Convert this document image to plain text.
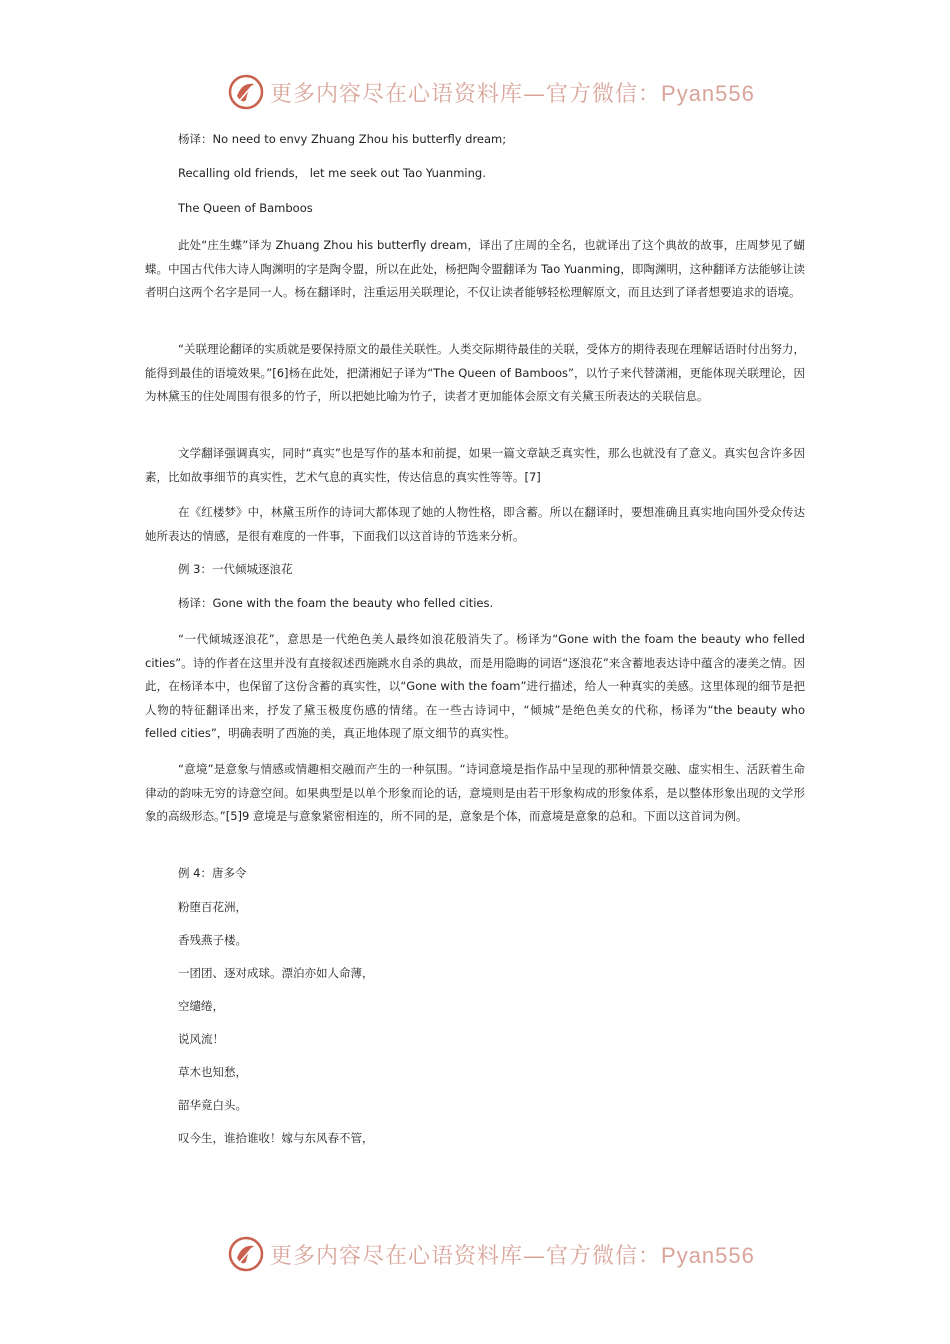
更多内容尽在心语资料库—官方微信：Pyan556

杨译：No need to envy Zhuang Zhou his butterfly dream;

Recalling old friends， let me seek out Tao Yuanming.

The Queen of Bamboos

此处“庄生蝶”译为 Zhuang Zhou his butterfly dream，译出了庄周的全名，也就译出了这个典故的故事，庄周梦见了蝴蝶。中国古代伟大诗人陶渊明的字是陶令盟，所以在此处，杨把陶令盟翻译为 Tao Yuanming，即陶渊明，这种翻译方法能够让读者明白这两个名字是同一人。杨在翻译时，注重运用关联理论，不仅让读者能够轻松理解原文，而且达到了译者想要追求的语境。

“关联理论翻译的实质就是要保持原文的最佳关联性。人类交际期待最佳的关联，受体方的期待表现在理解话语时付出努力，能得到最佳的语境效果。”[6]杨在此处，把潇湘妃子译为“The Queen of Bamboos”，以竹子来代替潇湘，更能体现关联理论，因为林黛玉的住处周围有很多的竹子，所以把她比喻为竹子，读者才更加能体会原文有关黛玉所表达的关联信息。

文学翻译强调真实，同时“真实”也是写作的基本和前提，如果一篇文章缺乏真实性，那么也就没有了意义。真实包含许多因素，比如故事细节的真实性，艺术气息的真实性，传达信息的真实性等等。[7]

在《红楼梦》中，林黛玉所作的诗词大都体现了她的人物性格，即含蓄。所以在翻译时，要想准确且真实地向国外受众传达她所表达的情感，是很有难度的一件事，下面我们以这首诗的节选来分析。

例 3：一代倾城逐浪花

杨译：Gone with the foam the beauty who felled cities.

“一代倾城逐浪花”，意思是一代绝色美人最终如浪花般消失了。杨译为“Gone with the foam the beauty who felled cities”。诗的作者在这里并没有直接叙述西施跳水自杀的典故，而是用隐晦的词语“逐浪花”来含蓄地表达诗中蕴含的凄美之情。因此，在杨译本中，也保留了这份含蓄的真实性，以“Gone with the foam”进行描述，给人一种真实的美感。这里体现的细节是把人物的特征翻译出来，抒发了黛玉极度伤感的情绪。在一些古诗词中，“倾城”是绝色美女的代称，杨译为“the beauty who felled cities”，明确表明了西施的美，真正地体现了原文细节的真实性。

“意境”是意象与情感或情趣相交融而产生的一种氛围。“诗词意境是指作品中呈现的那种情景交融、虚实相生、活跃着生命律动的韵味无穷的诗意空间。如果典型是以单个形象而论的话，意境则是由若干形象构成的形象体系，是以整体形象出现的文学形象的高级形态。”[5]9 意境是与意象紧密相连的，所不同的是，意象是个体，而意境是意象的总和。下面以这首词为例。

例 4：唐多令

粉堕百花洲，

香残燕子楼。

一团团、逐对成球。漂泊亦如人命薄，

空缱绻，

说风流！

草木也知愁，

韶华竟白头。

叹今生，谁拾谁收！嫁与东风春不管，

更多内容尽在心语资料库—官方微信：Pyan556
